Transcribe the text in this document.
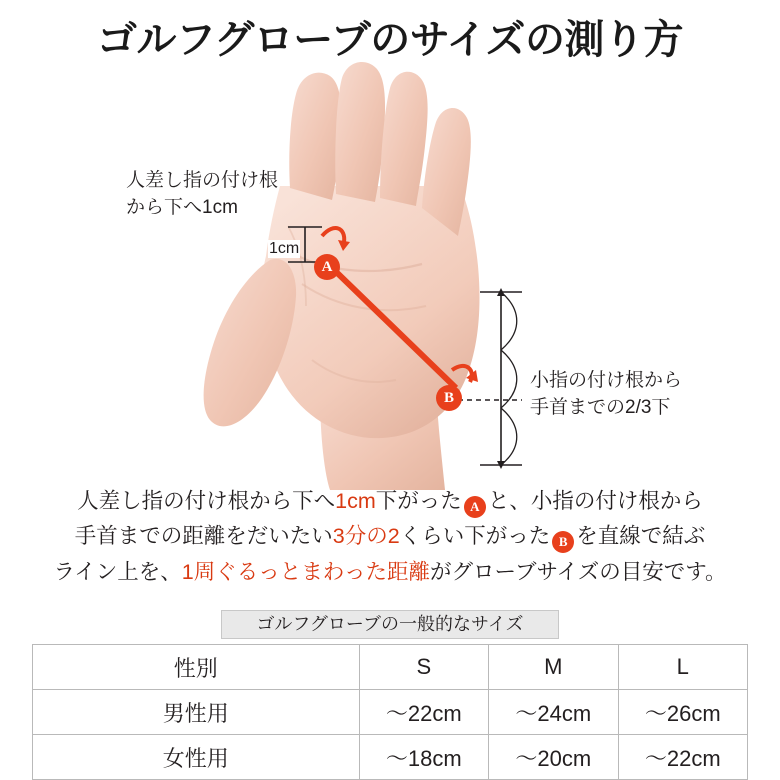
ゴルフグローブのサイズの測り方
人差し指の付け根
から下へ1cm
小指の付け根から
手首までの2/3下
1cm
A
B
人差し指の付け根から下へ1cm下がった A と、小指の付け根から
手首までの距離をだいたい3分の2くらい下がった B を直線で結ぶ
ライン上を、1周ぐるっとまわった距離がグローブサイズの目安です。
ゴルフグローブの一般的なサイズ
性別	S	M	L
男性用	〜22cm	〜24cm	〜26cm
女性用	〜18cm	〜20cm	〜22cm
